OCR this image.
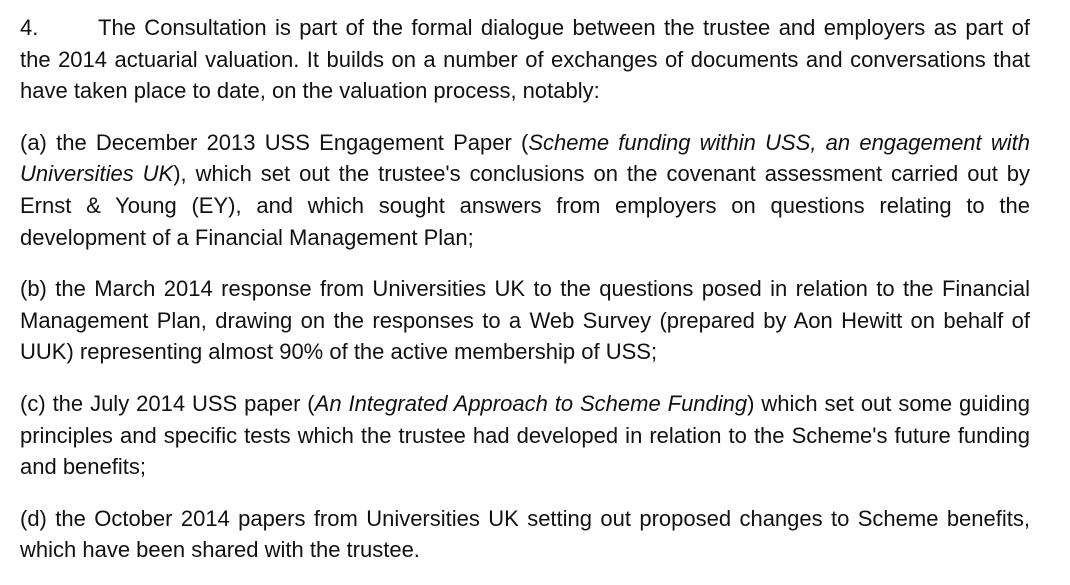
4.	The Consultation is part of the formal dialogue between the trustee and employers as part of the 2014 actuarial valuation. It builds on a number of exchanges of documents and conversations that have taken place to date, on the valuation process, notably:

(a) the December 2013 USS Engagement Paper (Scheme funding within USS, an engagement with Universities UK), which set out the trustee's conclusions on the covenant assessment carried out by Ernst & Young (EY), and which sought answers from employers on questions relating to the development of a Financial Management Plan;

(b) the March 2014 response from Universities UK to the questions posed in relation to the Financial Management Plan, drawing on the responses to a Web Survey (prepared by Aon Hewitt on behalf of UUK) representing almost 90% of the active membership of USS;

(c) the July 2014 USS paper (An Integrated Approach to Scheme Funding) which set out some guiding principles and specific tests which the trustee had developed in relation to the Scheme's future funding and benefits;

(d) the October 2014 papers from Universities UK setting out proposed changes to Scheme benefits, which have been shared with the trustee.
